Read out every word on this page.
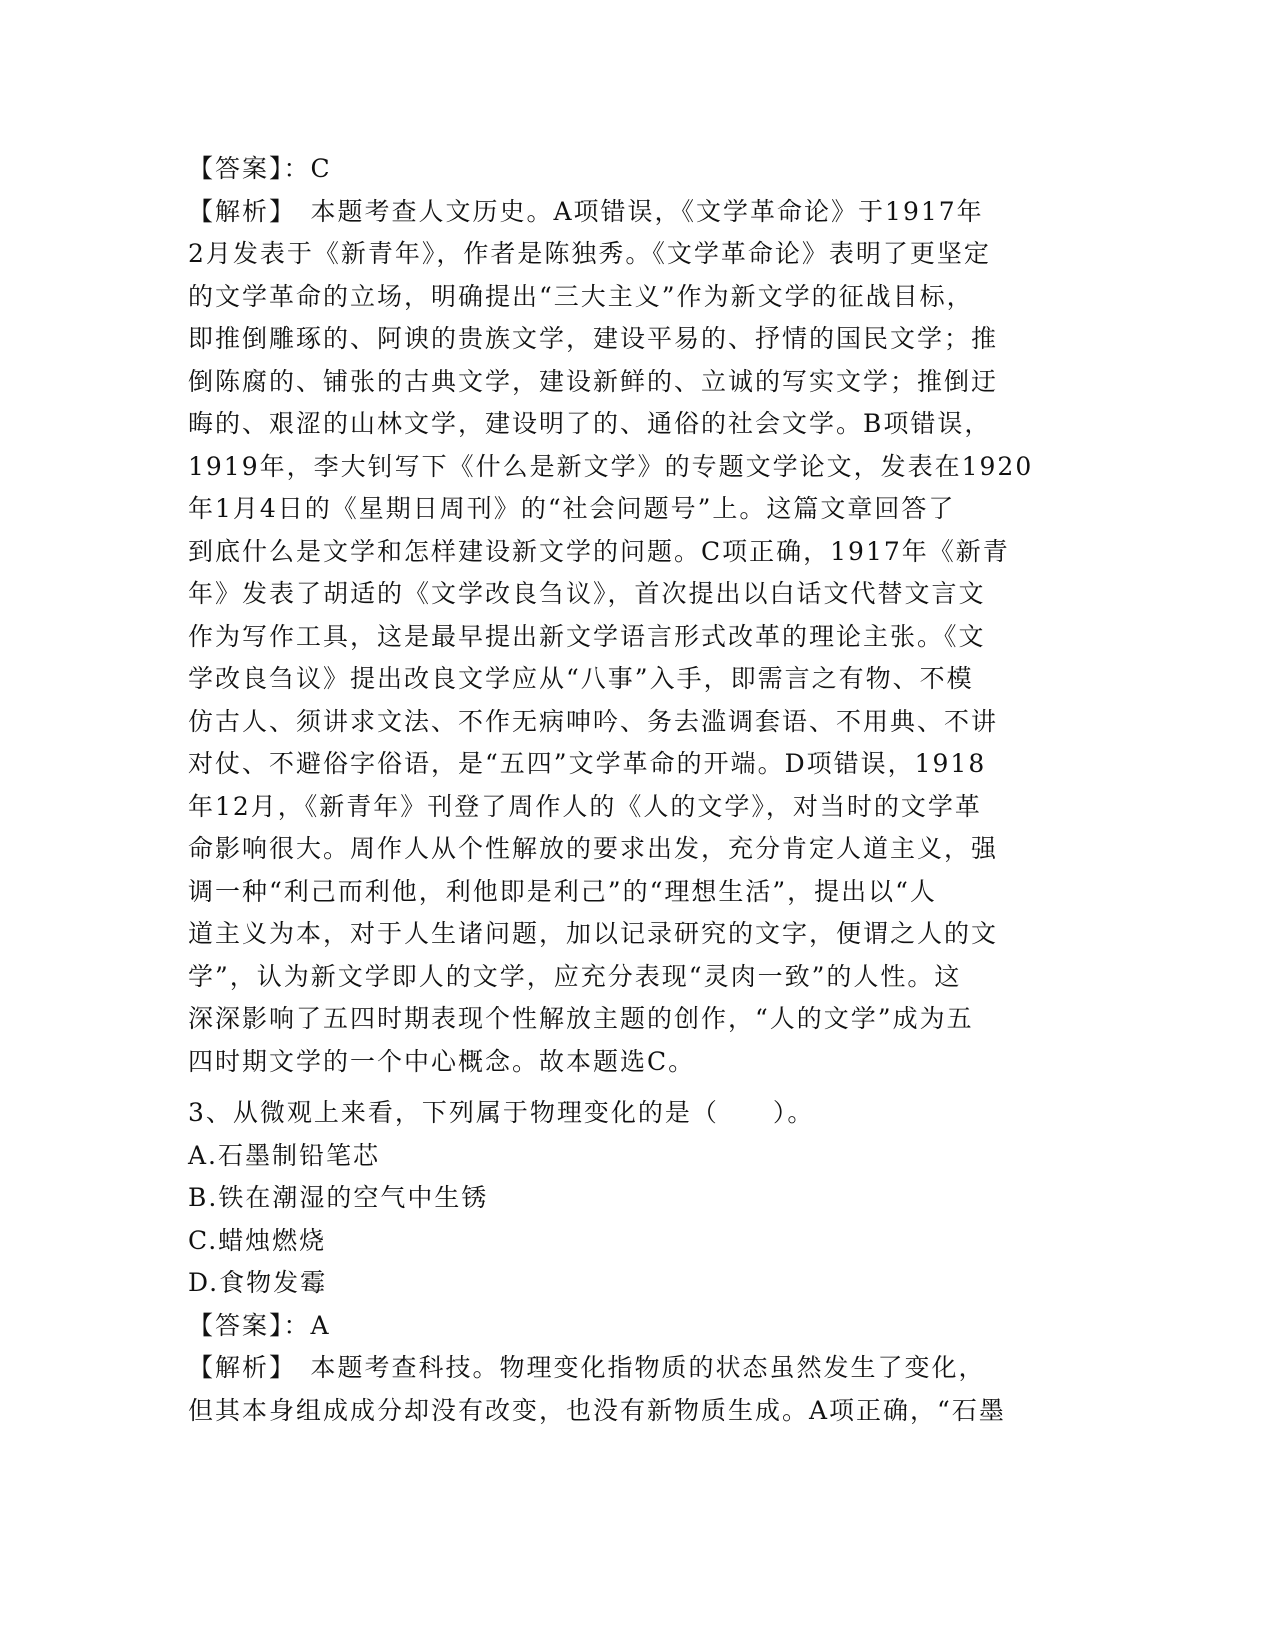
【答案】：C
【解析】　本题考查人文历史。A项错误，《文学革命论》于1917年
2月发表于《新青年》，作者是陈独秀。《文学革命论》表明了更坚定
的文学革命的立场，明确提出“三大主义”作为新文学的征战目标，
即推倒雕琢的、阿谀的贵族文学，建设平易的、抒情的国民文学；推
倒陈腐的、铺张的古典文学，建设新鲜的、立诚的写实文学；推倒迂
晦的、艰涩的山林文学，建设明了的、通俗的社会文学。B项错误，
1919年，李大钊写下《什么是新文学》的专题文学论文，发表在1920
年1月4日的《星期日周刊》的“社会问题号”上。这篇文章回答了
到底什么是文学和怎样建设新文学的问题。C项正确，1917年《新青
年》发表了胡适的《文学改良刍议》，首次提出以白话文代替文言文
作为写作工具，这是最早提出新文学语言形式改革的理论主张。《文
学改良刍议》提出改良文学应从“八事”入手，即需言之有物、不模
仿古人、须讲求文法、不作无病呻吟、务去滥调套语、不用典、不讲
对仗、不避俗字俗语，是“五四”文学革命的开端。D项错误，1918
年12月，《新青年》刊登了周作人的《人的文学》，对当时的文学革
命影响很大。周作人从个性解放的要求出发，充分肯定人道主义，强
调一种“利己而利他，利他即是利己”的“理想生活”，提出以“人
道主义为本，对于人生诸问题，加以记录研究的文字，便谓之人的文
学”，认为新文学即人的文学，应充分表现“灵肉一致”的人性。这
深深影响了五四时期表现个性解放主题的创作，“人的文学”成为五
四时期文学的一个中心概念。故本题选C。
3、从微观上来看，下列属于物理变化的是（　　）。
A.石墨制铅笔芯
B.铁在潮湿的空气中生锈
C.蜡烛燃烧
D.食物发霉
【答案】：A
【解析】　本题考查科技。物理变化指物质的状态虽然发生了变化，
但其本身组成成分却没有改变，也没有新物质生成。A项正确，“石墨
